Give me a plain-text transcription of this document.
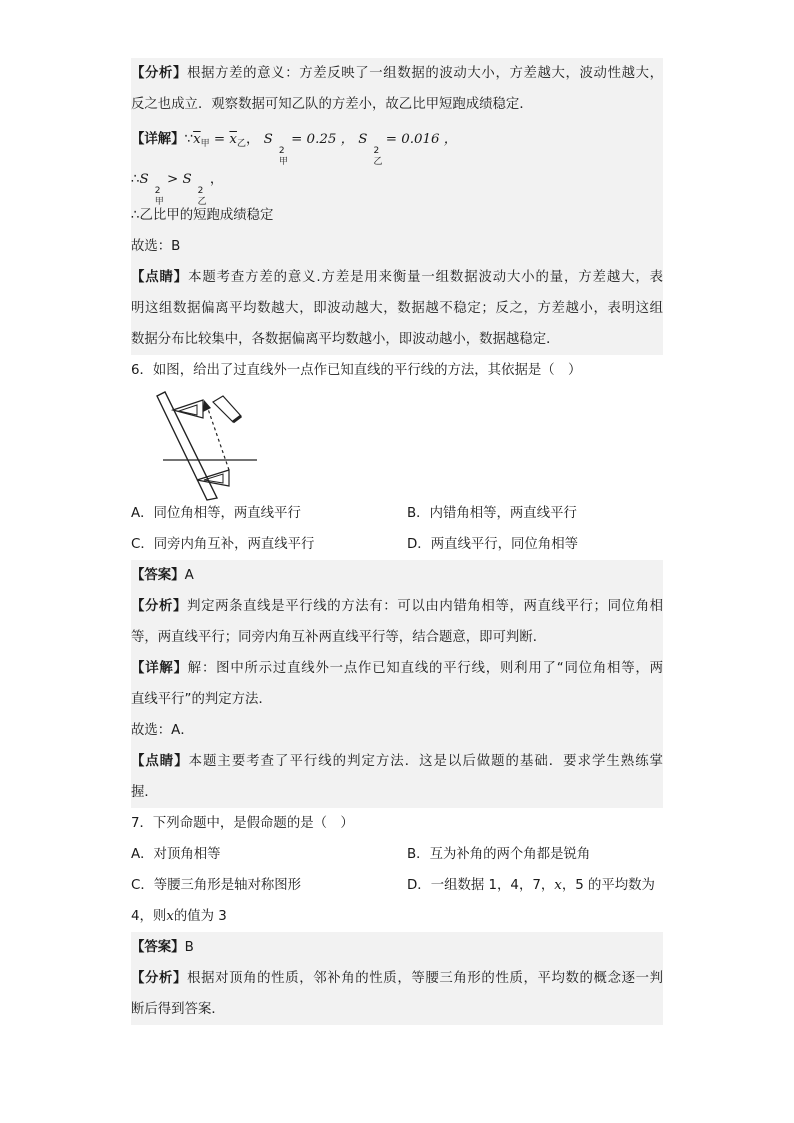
【分析】根据方差的意义：方差反映了一组数据的波动大小，方差越大，波动性越大，
反之也成立．观察数据可知乙队的方差小，故乙比甲短跑成绩稳定．
【详解】$\because\overline{x}_甲 = \overline{x}_乙$， S
2
甲
= 0.25 ， S
2
乙
= 0.016 ，
∴S
2
甲
> S
2
乙
，
∴乙比甲的短跑成绩稳定
故选：B
【点睛】本题考查方差的意义.方差是用来衡量一组数据波动大小的量，方差越大，表
明这组数据偏离平均数越大，即波动越大，数据越不稳定；反之，方差越小，表明这组
数据分布比较集中，各数据偏离平均数越小，即波动越小，数据越稳定．
6．如图，给出了过直线外一点作已知直线的平行线的方法，其依据是（　）
A．同位角相等，两直线平行	B．内错角相等，两直线平行
C．同旁内角互补，两直线平行	D．两直线平行，同位角相等
【答案】A
【分析】判定两条直线是平行线的方法有：可以由内错角相等，两直线平行；同位角相
等，两直线平行；同旁内角互补两直线平行等，结合题意，即可判断．
【详解】解：图中所示过直线外一点作已知直线的平行线，则利用了“同位角相等，两
直线平行”的判定方法．
故选：A．
【点睛】本题主要考查了平行线的判定方法．这是以后做题的基础．要求学生熟练掌
握．
7．下列命题中，是假命题的是（　）
A．对顶角相等	B．互为补角的两个角都是锐角
C．等腰三角形是轴对称图形	D．一组数据 1，4，7，x，5 的平均数为
4，则x的值为 3
【答案】B
【分析】根据对顶角的性质，邻补角的性质，等腰三角形的性质，平均数的概念逐一判
断后得到答案．
